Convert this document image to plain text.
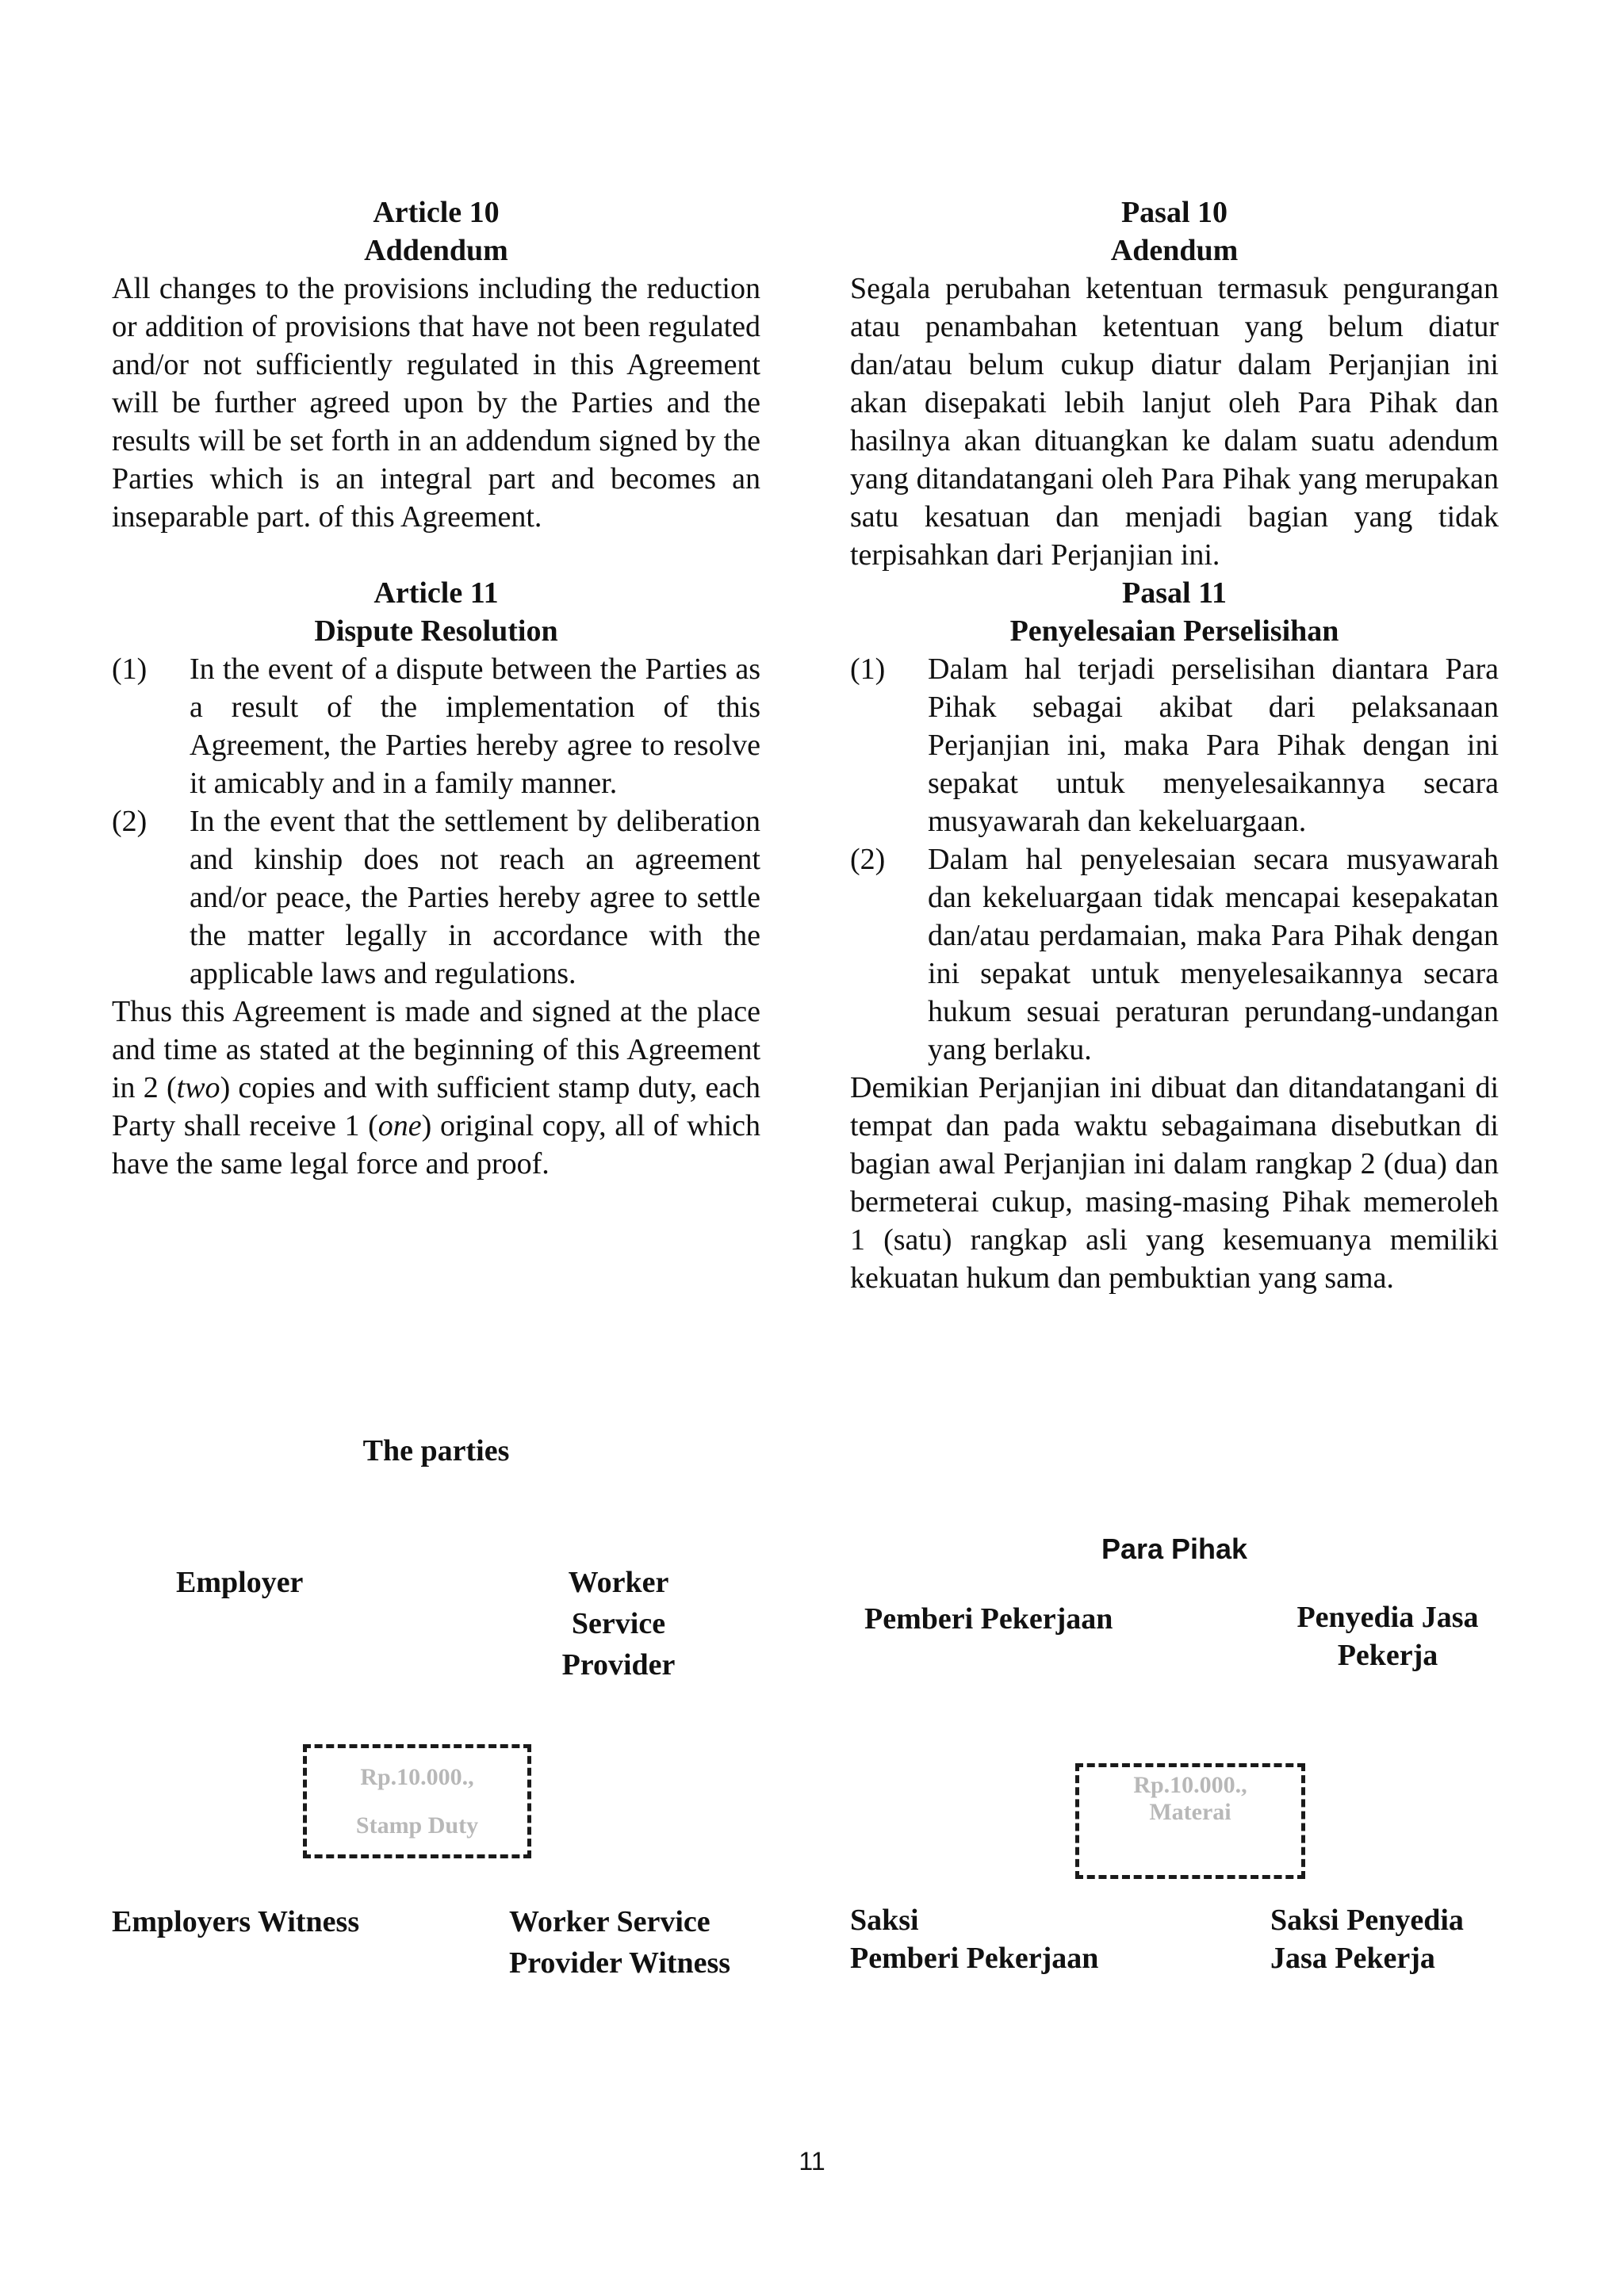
Article 10

Addendum

All changes to the provisions including the reduction or addition of provisions that have not been regulated and/or not sufficiently regulated in this Agreement will be further agreed upon by the Parties and the results will be set forth in an addendum signed by the Parties which is an integral part and becomes an inseparable part. of this Agreement.

Article 11

Dispute Resolution

(1)	In the event of a dispute between the Parties as a result of the implementation of this Agreement, the Parties hereby agree to resolve it amicably and in a family manner.
(2)	In the event that the settlement by deliberation and kinship does not reach an agreement and/or peace, the Parties hereby agree to settle the matter legally in accordance with the applicable laws and regulations.

Thus this Agreement is made and signed at the place and time as stated at the beginning of this Agreement in 2 (two) copies and with sufficient stamp duty, each Party shall receive 1 (one) original copy, all of which have the same legal force and proof.

Pasal 10

Adendum

Segala perubahan ketentuan termasuk pengurangan atau penambahan ketentuan yang belum diatur dan/atau belum cukup diatur dalam Perjanjian ini akan disepakati lebih lanjut oleh Para Pihak dan hasilnya akan dituangkan ke dalam suatu adendum yang ditandatangani oleh Para Pihak yang merupakan satu kesatuan dan menjadi bagian yang tidak terpisahkan dari Perjanjian ini.

Pasal 11

Penyelesaian Perselisihan

(1)	Dalam hal terjadi perselisihan diantara Para Pihak sebagai akibat dari pelaksanaan Perjanjian ini, maka Para Pihak dengan ini sepakat untuk menyelesaikannya secara musyawarah dan kekeluargaan.
(2)	Dalam hal penyelesaian secara musyawarah dan kekeluargaan tidak mencapai kesepakatan dan/atau perdamaian, maka Para Pihak dengan ini sepakat untuk menyelesaikannya secara hukum sesuai peraturan perundang-undangan yang berlaku.

Demikian Perjanjian ini dibuat dan ditandatangani di tempat dan pada waktu sebagaimana disebutkan di bagian awal Perjanjian ini dalam rangkap 2 (dua) dan bermeterai cukup, masing-masing Pihak memeroleh 1 (satu) rangkap asli yang kesemuanya memiliki kekuatan hukum dan pembuktian yang sama.

The parties

Employer	Worker
Service
Provider

Rp.10.000.,
Stamp Duty

Employers Witness	Worker Service
Provider Witness

Para Pihak

Pemberi Pekerjaan	Penyedia Jasa
Pekerja

Rp.10.000.,
Materai

Saksi
Pemberi Pekerjaan

Saksi Penyedia
Jasa Pekerja

11
